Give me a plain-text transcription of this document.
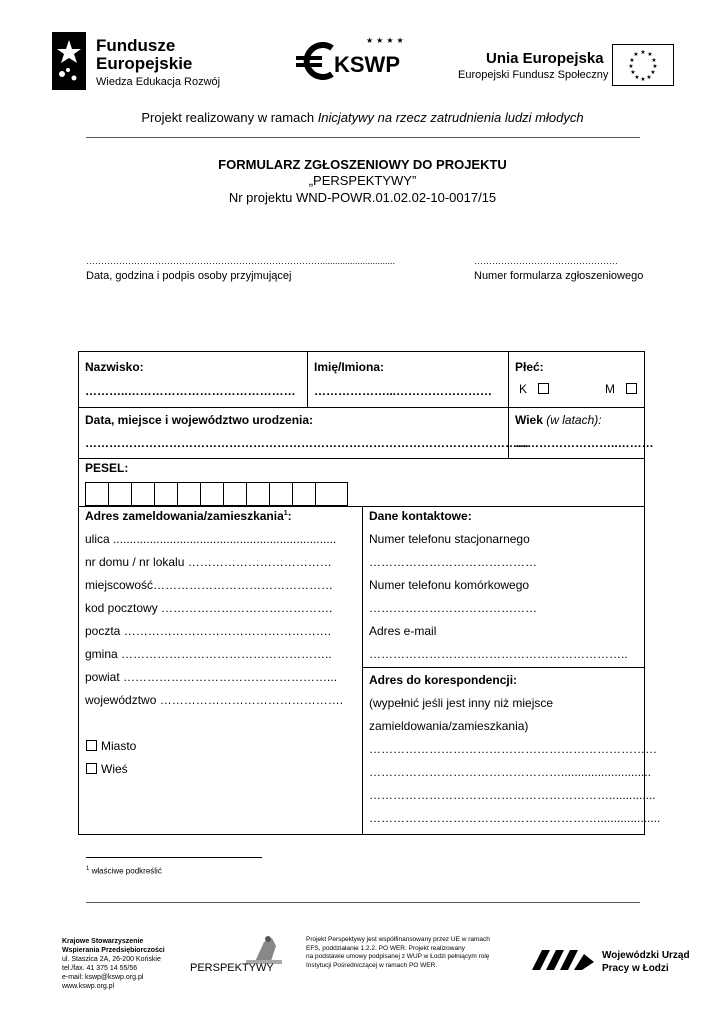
Fundusze
Europejskie
Wiedza Edukacja Rozwój
★★★★
KSWP	Unia Europejska
Europejski Fundusz Społeczny
★ ★
★
★
★
★
★
★
★
★
★
★
Projekt realizowany w ramach Inicjatywy na rzecz zatrudnienia ludzi młodych
FORMULARZ ZGŁOSZENIOWY DO PROJEKTU
„PERSPEKTYWY”
Nr projektu WND-POWR.01.02.02-10-0017/15
……………………………………………………………………..............................
Data, godzina i podpis osoby przyjmującej
…………………………………………
Numer formularza zgłoszeniowego
Nazwisko:
………..……………………………………
Imię/Imiona:
………………...……………………
Płeć:
K	M
Data, miejsce i województwo urodzenia:
…………………………………………………………………………………………………
Wiek (w latach):
……………………..………
PESEL:
Adres zameldowania/zamieszkania$^1$:
ulica ...................................................................
nr domu / nr lokalu ………………………………
miejscowość………………………………………
kod pocztowy …………………………………….
poczta …………………………………………….
gmina ……………………………………………..
powiat ……………………………………………...
województwo ……………………………………….
Miasto
Wieś
Dane kontaktowe:
Numer telefonu stacjonarnego
……………………………………
Numer telefonu komórkowego
……………………………………
Adres e-mail
………………………………………………………..
Adres do korespondencji:
(wypełnić jeśli jest inny niż miejsce
zamieldowania/zamieszkania)
………………………………………………………………
…………………………………………...........................
……………………………………………………..............
…………………………………………………...................
$^1$ właściwe podkreślić
Krajowe Stowarzyszenie
Wspierania Przedsiębiorczości
ul. Staszica 2A, 26-200 Końskie
tel./fax. 41 375 14 55/56
e-mail: kswp@kswp.org.pl
www.kswp.org.pl
PERSPEKTYWY
Projekt Perspektywy jest współfinansowany przez UE w ramach
EFS, poddziałanie 1.2.2. PO WER. Projekt realizowany
na podstawie umowy podpisanej z WUP w Łodzi pełniącym rolę
Instytucji Pośredniczącej w ramach PO WER.
Wojewódzki Urząd
Pracy w Łodzi
